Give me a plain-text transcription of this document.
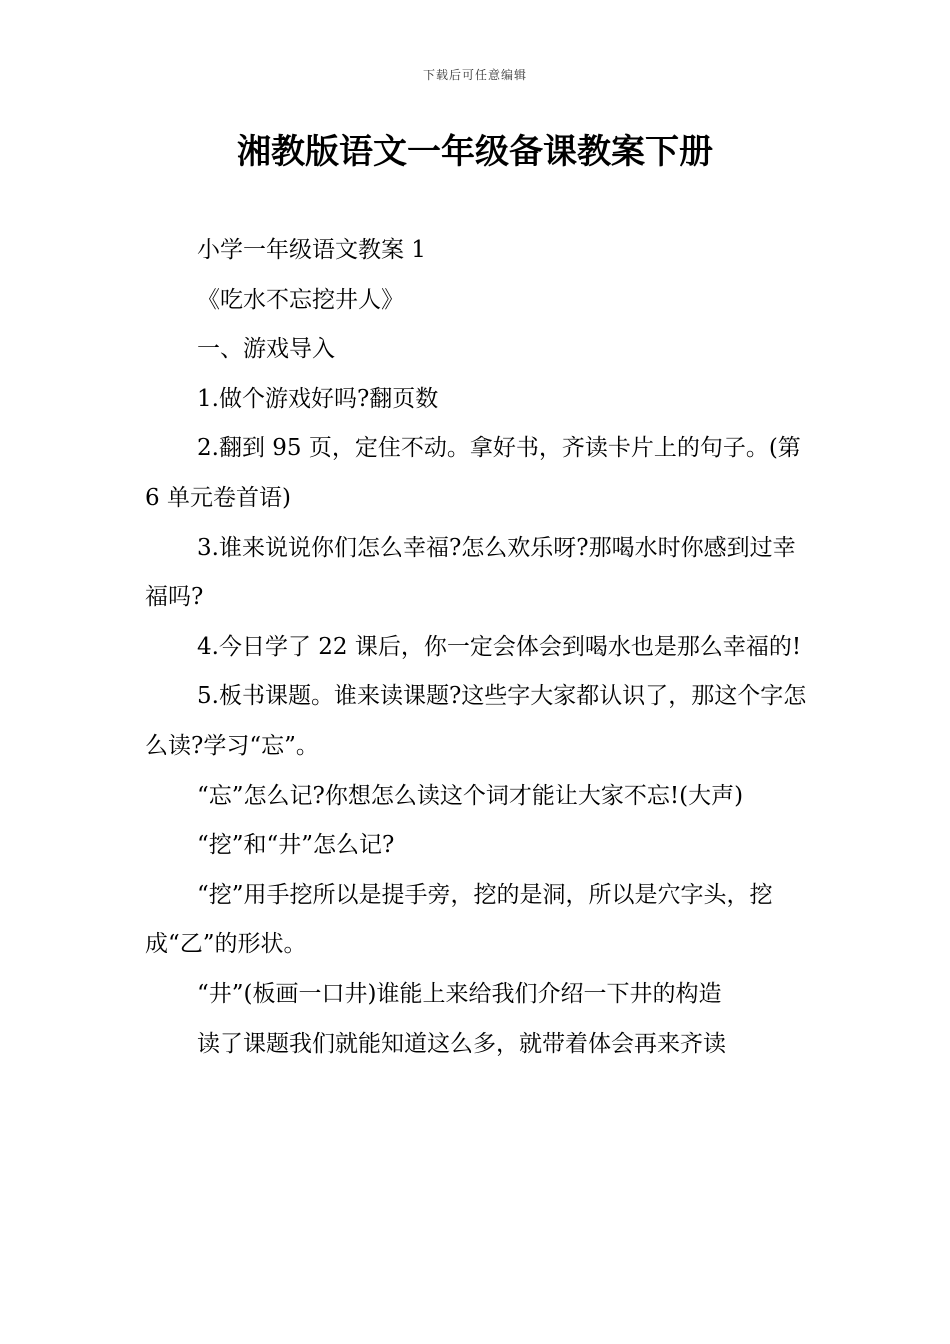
下载后可任意编辑
湘教版语文一年级备课教案下册

小学一年级语文教案 1

《吃水不忘挖井人》

一、游戏导入

1.做个游戏好吗?翻页数

2.翻到 95 页，定住不动。拿好书，齐读卡片上的句子。(第 6 单元卷首语)

3.谁来说说你们怎么幸福?怎么欢乐呀?那喝水时你感到过幸福吗?

4.今日学了 22 课后，你一定会体会到喝水也是那么幸福的!

5.板书课题。谁来读课题?这些字大家都认识了，那这个字怎么读?学习“忘”。

“忘”怎么记?你想怎么读这个词才能让大家不忘!(大声)

“挖”和“井”怎么记?

“挖”用手挖所以是提手旁，挖的是洞，所以是穴字头，挖成“乙”的形状。

“井”(板画一口井)谁能上来给我们介绍一下井的构造

读了课题我们就能知道这么多，就带着体会再来齐读
